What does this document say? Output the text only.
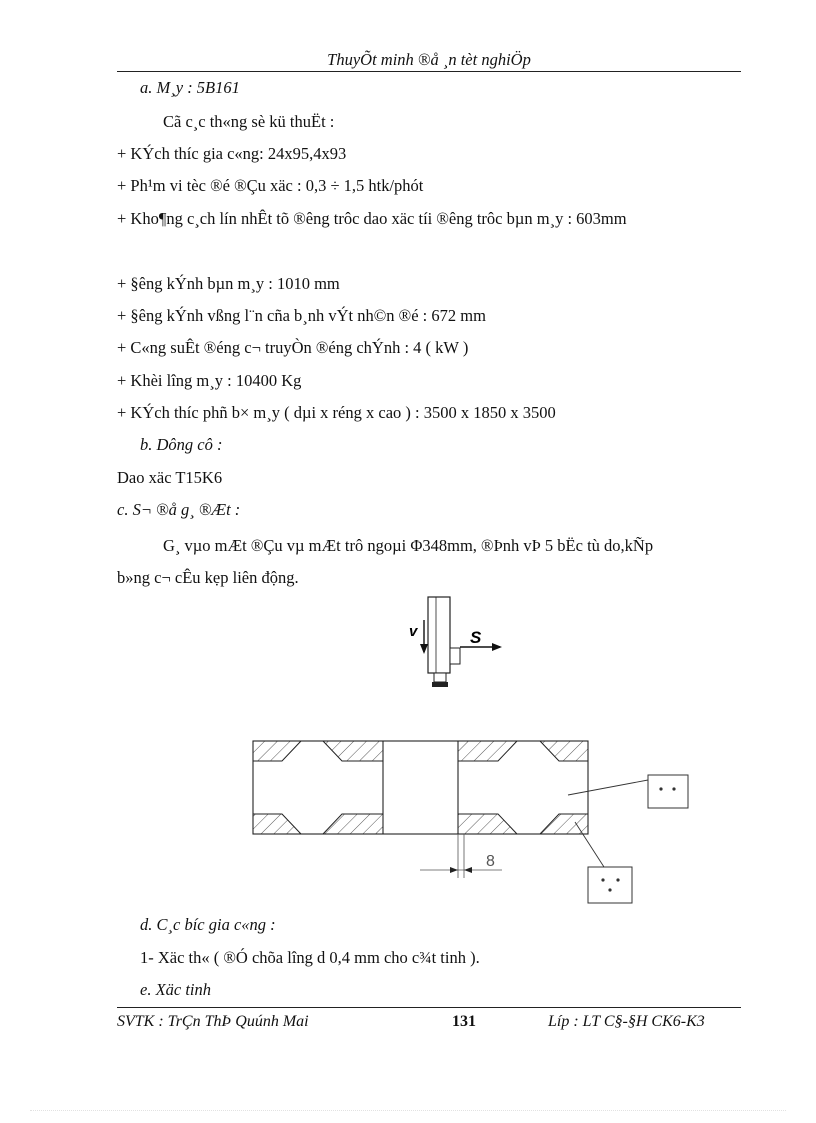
ThuyÕt minh ®å ¸n tèt nghiÖp
a. M¸y : 5B161
Cã c¸c th«ng sè kü thuËt :
+ KÝch thíc gia c«ng: 24x95,4x93
+ Ph¹m vi tèc ®é ®Çu xäc : 0,3 ÷ 1,5 htk/phót
+ Kho¶ng c¸ch lín nhÊt tõ ®êng trôc dao xäc tíi ®êng trôc bµn m¸y : 603mm
+ §êng kÝnh bµn m¸y : 1010 mm
+ §êng kÝnh vßng l¨n cña b¸nh vÝt nh©n ®é : 672 mm
+ C«ng suÊt ®éng c¬ truyÒn ®éng chÝnh : 4 ( kW )
+ Khèi lîng m¸y : 10400 Kg
+ KÝch thíc phñ b× m¸y ( dµi x réng x cao ) : 3500 x 1850 x 3500
b. Dông cô :
Dao xäc T15K6
c. S¬ ®å g¸ ®Æt :
G¸ vµo mÆt ®Çu vµ mÆt trô ngoµi Φ348mm, ®Þnh vÞ 5 bËc tù do,kÑp
b»ng c¬ cÊu kẹp liên động.
v	S
8
d. C¸c bíc gia c«ng :
1- Xäc th« ( ®Ó chõa lîng d 0,4 mm cho c¾t tinh ).
e. Xäc tinh
SVTK : TrÇn ThÞ Quúnh Mai	131	Líp : LT C§-§H CK6-K3
